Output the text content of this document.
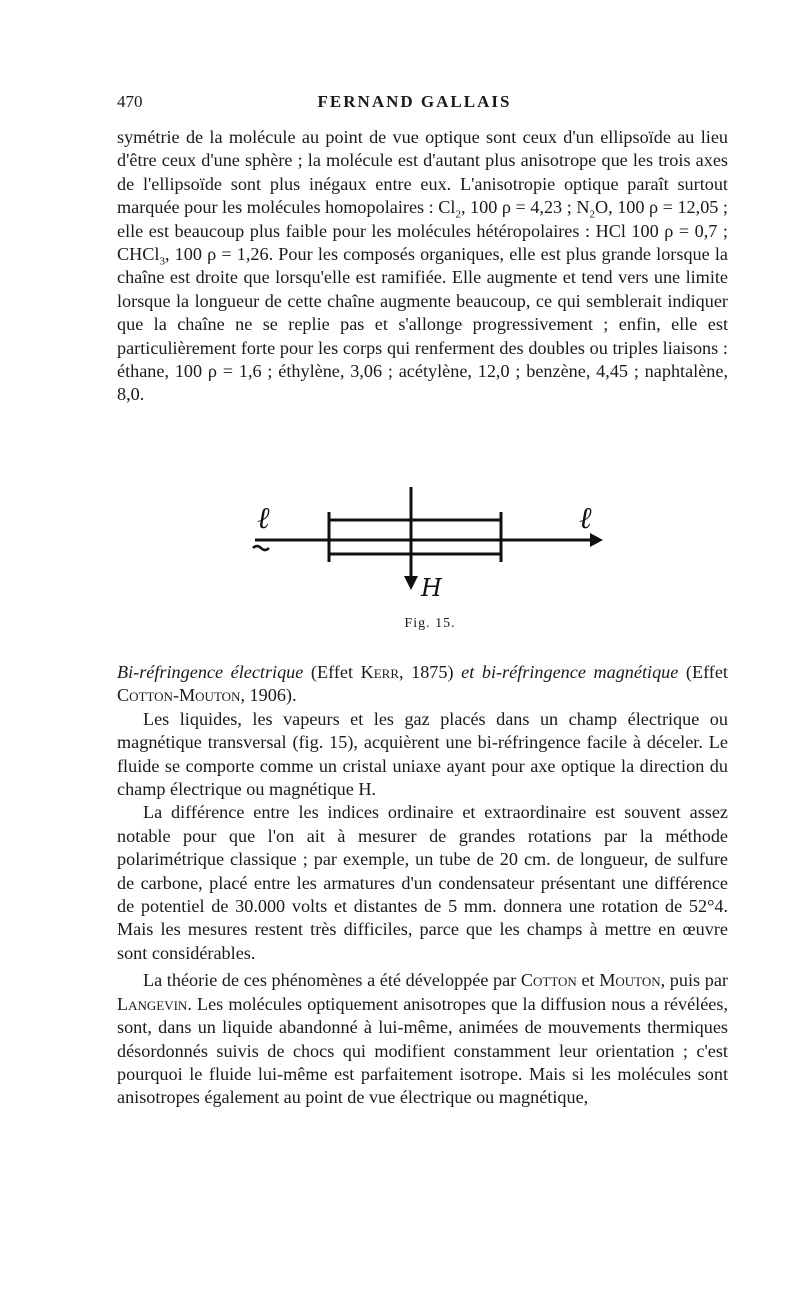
470	FERNAND GALLAIS

symétrie de la molécule au point de vue optique sont ceux d'un ellipsoïde au lieu d'être ceux d'une sphère ; la molécule est d'autant plus anisotrope que les trois axes de l'ellipsoïde sont plus inégaux entre eux. L'anisotropie optique paraît surtout marquée pour les molécules homopolaires : $Cl_2$, 100 ρ = 4,23 ; $N_2O$, 100 ρ = 12,05 ; elle est beaucoup plus faible pour les molécules hétéropolaires : HCl 100 ρ = 0,7 ; CHCl$_3$, 100 ρ = 1,26. Pour les composés organiques, elle est plus grande lorsque la chaîne est droite que lorsqu'elle est ramifiée. Elle augmente et tend vers une limite lorsque la longueur de cette chaîne augmente beaucoup, ce qui semblerait indiquer que la chaîne ne se replie pas et s'allonge progressivement ; enfin, elle est particulièrement forte pour les corps qui renferment des doubles ou triples liaisons : éthane, 100 ρ = 1,6 ; éthylène, 3,06 ; acétylène, 12,0 ; benzène, 4,45 ; naphtalène, 8,0.

ℓ	ℓ
H
Fig. 15.

Bi-réfringence électrique (Effet Kerr, 1875) et bi-réfringence magnétique (Effet Cotton-Mouton, 1906).

Les liquides, les vapeurs et les gaz placés dans un champ électrique ou magnétique transversal (fig. 15), acquièrent une bi-réfringence facile à déceler. Le fluide se comporte comme un cristal uniaxe ayant pour axe optique la direction du champ électrique ou magnétique H.

La différence entre les indices ordinaire et extraordinaire est souvent assez notable pour que l'on ait à mesurer de grandes rotations par la méthode polarimétrique classique ; par exemple, un tube de 20 cm. de longueur, de sulfure de carbone, placé entre les armatures d'un condensateur présentant une différence de potentiel de 30.000 volts et distantes de 5 mm. donnera une rotation de 52°4. Mais les mesures restent très difficiles, parce que les champs à mettre en œuvre sont considérables.

La théorie de ces phénomènes a été développée par Cotton et Mouton, puis par Langevin. Les molécules optiquement anisotropes que la diffusion nous a révélées, sont, dans un liquide abandonné à lui-même, animées de mouvements thermiques désordonnés suivis de chocs qui modifient constamment leur orientation ; c'est pourquoi le fluide lui-même est parfaitement isotrope. Mais si les molécules sont anisotropes également au point de vue électrique ou magnétique,
